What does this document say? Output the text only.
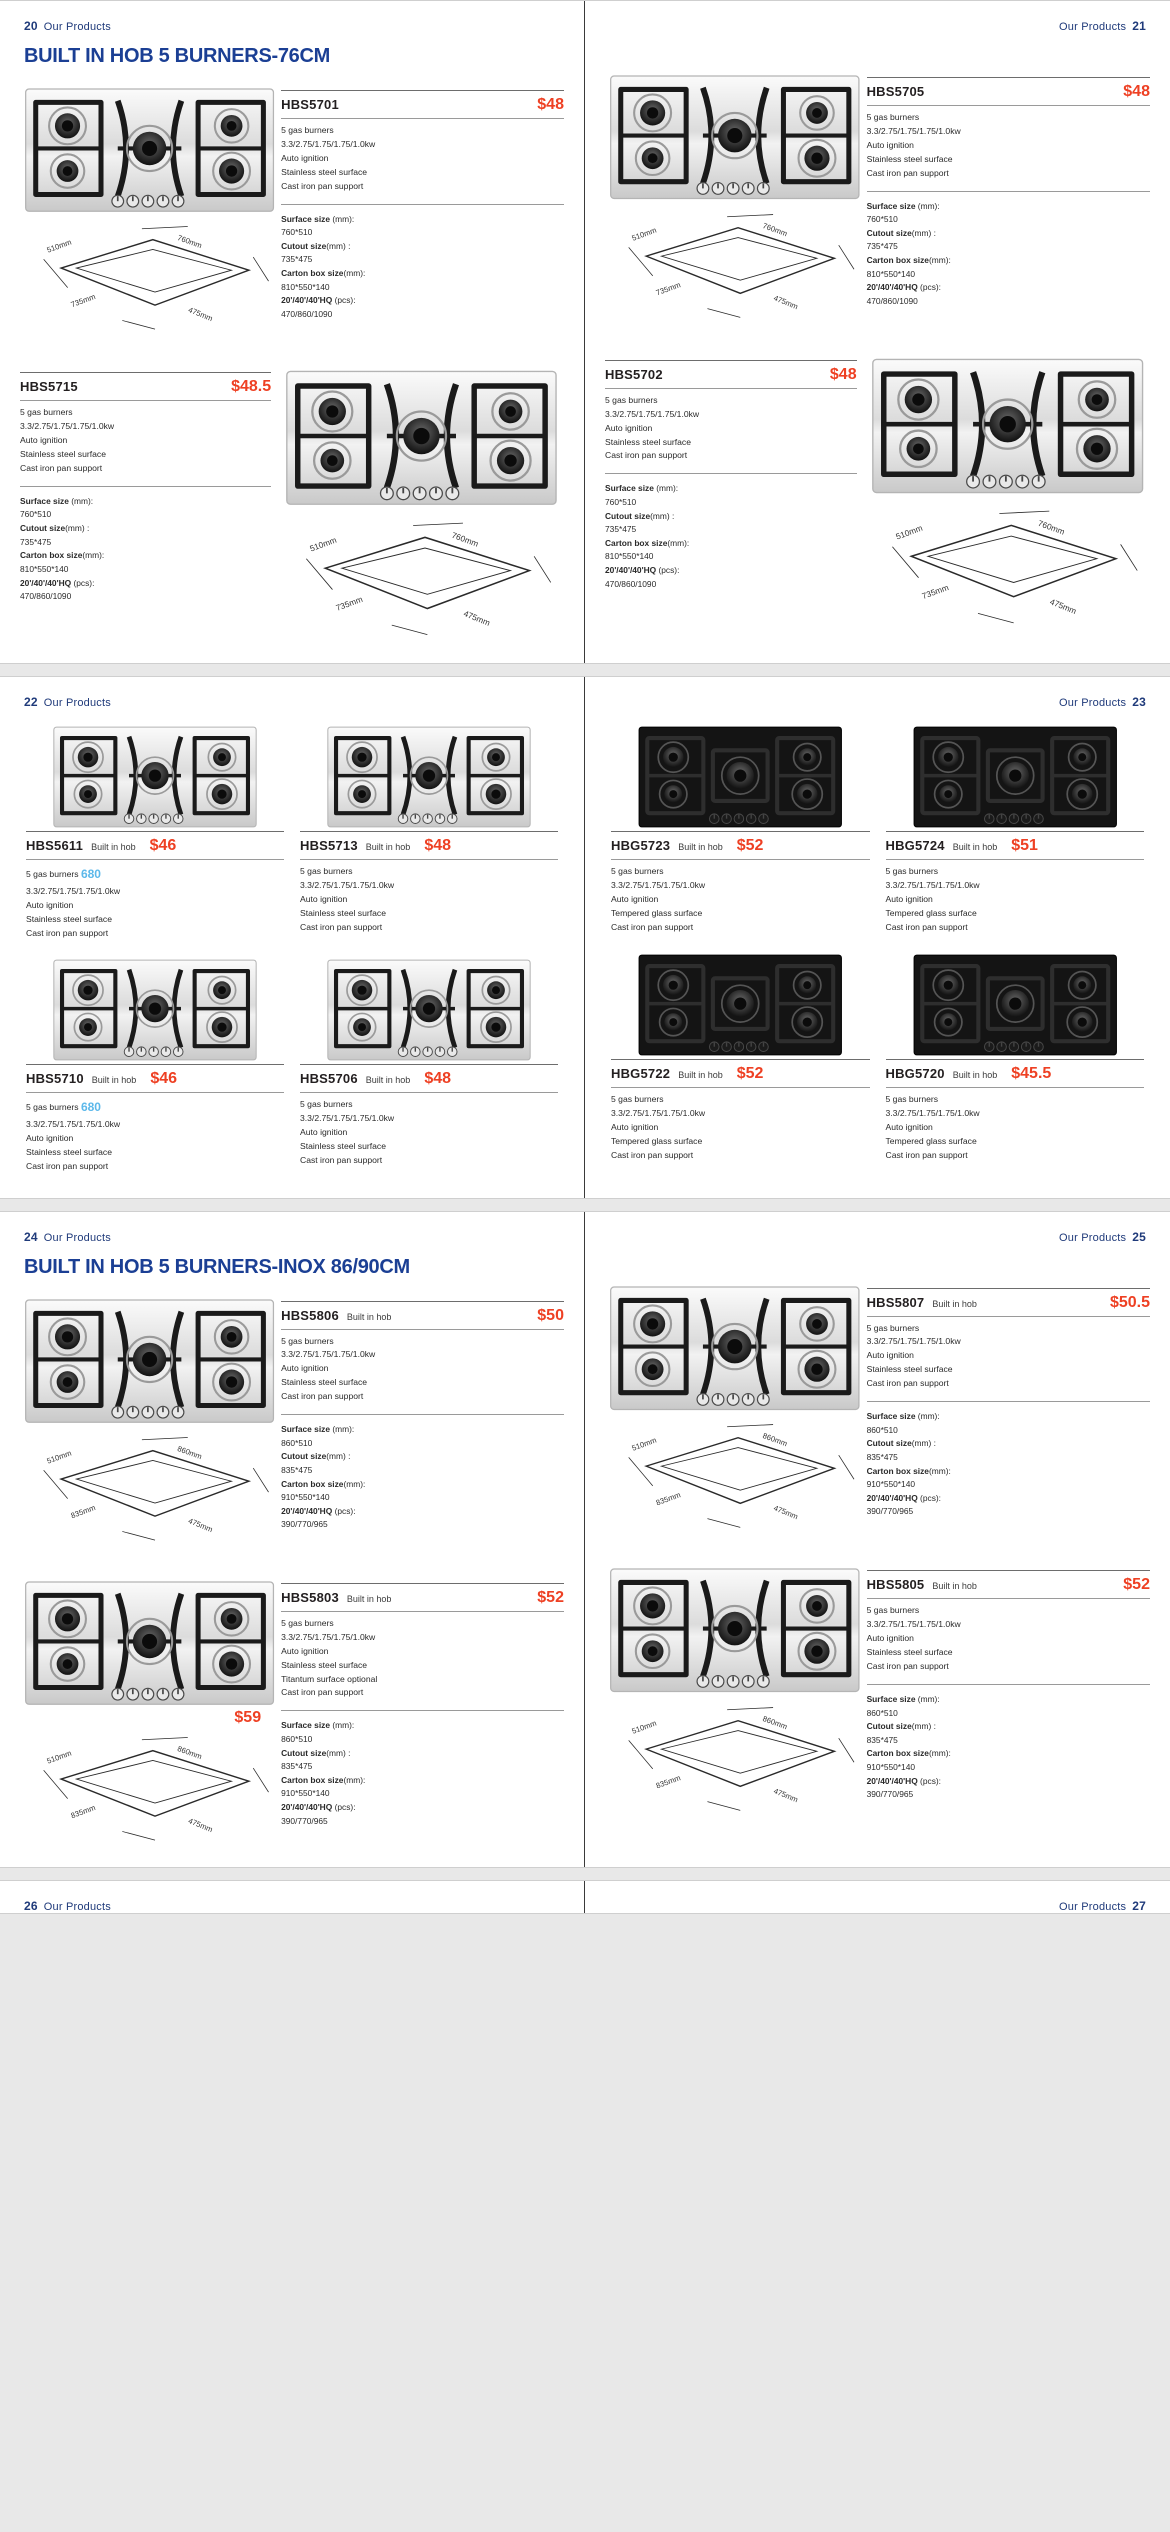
20 Our Products
BUILT IN HOB 5 BURNERS-76CM
510mm	760mm
735mm
475mm
HBS5701	$48
5 gas burners
3.3/2.75/1.75/1.75/1.0kw
Auto ignition
Stainless steel surface
Cast iron pan support
Surface size (mm):
760*510
Cutout size(mm) :
735*475
Carton box size(mm):
810*550*140
20'/40'/40'HQ (pcs):
470/860/1090
HBS5715	$48.5
5 gas burners
3.3/2.75/1.75/1.75/1.0kw
Auto ignition
Stainless steel surface
Cast iron pan support
Surface size (mm):
760*510
Cutout size(mm) :
735*475
Carton box size(mm):
810*550*140
20'/40'/40'HQ (pcs):
470/860/1090
510mm	760mm
735mm
475mm
Our Products 21
510mm	760mm
735mm
475mm
HBS5705	$48
5 gas burners
3.3/2.75/1.75/1.75/1.0kw
Auto ignition
Stainless steel surface
Cast iron pan support
Surface size (mm):
760*510
Cutout size(mm) :
735*475
Carton box size(mm):
810*550*140
20'/40'/40'HQ (pcs):
470/860/1090
HBS5702	$48
5 gas burners
3.3/2.75/1.75/1.75/1.0kw
Auto ignition
Stainless steel surface
Cast iron pan support
Surface size (mm):
760*510
Cutout size(mm) :
735*475
Carton box size(mm):
810*550*140
20'/40'/40'HQ (pcs):
470/860/1090
510mm	760mm
735mm
475mm
22 Our Products
HBS5611 Built in hob $46
5 gas burners 680
3.3/2.75/1.75/1.75/1.0kw
Auto ignition
Stainless steel surface
Cast iron pan support
HBS5713 Built in hob $48
5 gas burners
3.3/2.75/1.75/1.75/1.0kw
Auto ignition
Stainless steel surface
Cast iron pan support
HBS5710 Built in hob $46
5 gas burners 680
3.3/2.75/1.75/1.75/1.0kw
Auto ignition
Stainless steel surface
Cast iron pan support
HBS5706 Built in hob $48
5 gas burners
3.3/2.75/1.75/1.75/1.0kw
Auto ignition
Stainless steel surface
Cast iron pan support
Our Products 23
HBG5723 Built in hob $52
5 gas burners
3.3/2.75/1.75/1.75/1.0kw
Auto ignition
Tempered glass surface
Cast iron pan support
HBG5724 Built in hob $51
5 gas burners
3.3/2.75/1.75/1.75/1.0kw
Auto ignition
Tempered glass surface
Cast iron pan support
HBG5722 Built in hob $52
5 gas burners
3.3/2.75/1.75/1.75/1.0kw
Auto ignition
Tempered glass surface
Cast iron pan support
HBG5720 Built in hob $45.5
5 gas burners
3.3/2.75/1.75/1.75/1.0kw
Auto ignition
Tempered glass surface
Cast iron pan support
24 Our Products
BUILT IN HOB 5 BURNERS-INOX 86/90CM
510mm	860mm
835mm
475mm
HBS5806 Built in hob	$50
5 gas burners
3.3/2.75/1.75/1.75/1.0kw
Auto ignition
Stainless steel surface
Cast iron pan support
Surface size (mm):
860*510
Cutout size(mm) :
835*475
Carton box size(mm):
910*550*140
20'/40'/40'HQ (pcs):
390/770/965
$59
510mm	860mm
835mm
475mm
HBS5803 Built in hob	$52
5 gas burners
3.3/2.75/1.75/1.75/1.0kw
Auto ignition
Stainless steel surface
Titantum surface optional
Cast iron pan support
Surface size (mm):
860*510
Cutout size(mm) :
835*475
Carton box size(mm):
910*550*140
20'/40'/40'HQ (pcs):
390/770/965
Our Products 25
510mm	860mm
835mm
475mm
HBS5807 Built in hob	$50.5
5 gas burners
3.3/2.75/1.75/1.75/1.0kw
Auto ignition
Stainless steel surface
Cast iron pan support
Surface size (mm):
860*510
Cutout size(mm) :
835*475
Carton box size(mm):
910*550*140
20'/40'/40'HQ (pcs):
390/770/965
510mm	860mm
835mm
475mm
HBS5805 Built in hob	$52
5 gas burners
3.3/2.75/1.75/1.75/1.0kw
Auto ignition
Stainless steel surface
Cast iron pan support
Surface size (mm):
860*510
Cutout size(mm) :
835*475
Carton box size(mm):
910*550*140
20'/40'/40'HQ (pcs):
390/770/965
26 Our Products	Our Products 27
